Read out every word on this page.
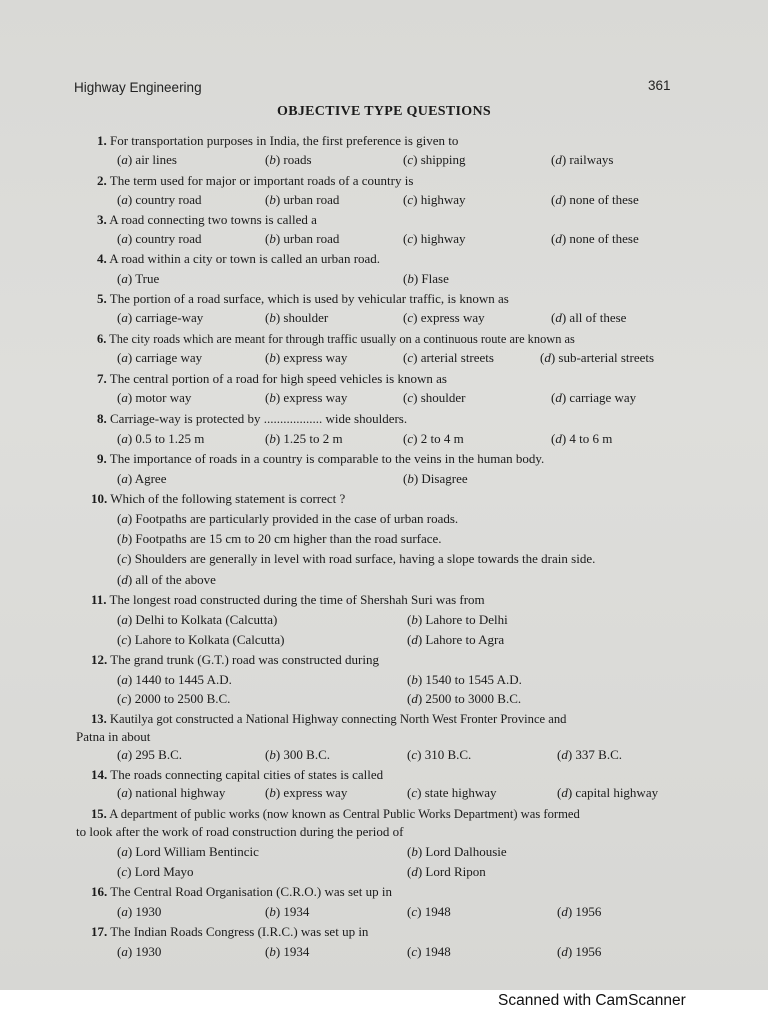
Highway Engineering	361
OBJECTIVE TYPE QUESTIONS
1. For transportation purposes in India, the first preference is given to
(a) air lines	(b) roads	(c) shipping	(d) railways
2. The term used for major or important roads of a country is
(a) country road	(b) urban road	(c) highway	(d) none of these
3. A road connecting two towns is called a
(a) country road	(b) urban road	(c) highway	(d) none of these
4. A road within a city or town is called an urban road.
(a) True	(b) Flase
5. The portion of a road surface, which is used by vehicular traffic, is known as
(a) carriage-way	(b) shoulder	(c) express way	(d) all of these
6. The city roads which are meant for through traffic usually on a continuous route are known as
(a) carriage way	(b) express way	(c) arterial streets	(d) sub-arterial streets
7. The central portion of a road for high speed vehicles is known as
(a) motor way	(b) express way	(c) shoulder	(d) carriage way
8. Carriage-way is protected by .................. wide shoulders.
(a) 0.5 to 1.25 m	(b) 1.25 to 2 m	(c) 2 to 4 m	(d) 4 to 6 m
9. The importance of roads in a country is comparable to the veins in the human body.
(a) Agree	(b) Disagree
10. Which of the following statement is correct ?
(a) Footpaths are particularly provided in the case of urban roads.
(b) Footpaths are 15 cm to 20 cm higher than the road surface.
(c) Shoulders are generally in level with road surface, having a slope towards the drain side.
(d) all of the above
11. The longest road constructed during the time of Shershah Suri was from
(a) Delhi to Kolkata (Calcutta)	(b) Lahore to Delhi
(c) Lahore to Kolkata (Calcutta)	(d) Lahore to Agra
12. The grand trunk (G.T.) road was constructed during
(a) 1440 to 1445 A.D.	(b) 1540 to 1545 A.D.
(c) 2000 to 2500 B.C.	(d) 2500 to 3000 B.C.
13. Kautilya got constructed a National Highway connecting North West Fronter Province and
Patna in about
(a) 295 B.C.	(b) 300 B.C.	(c) 310 B.C.	(d) 337 B.C.
14. The roads connecting capital cities of states is called
(a) national highway	(b) express way	(c) state highway	(d) capital highway
15. A department of public works (now known as Central Public Works Department) was formed
to look after the work of road construction during the period of
(a) Lord William Bentincic	(b) Lord Dalhousie
(c) Lord Mayo	(d) Lord Ripon
16. The Central Road Organisation (C.R.O.) was set up in
(a) 1930	(b) 1934	(c) 1948	(d) 1956
17. The Indian Roads Congress (I.R.C.) was set up in
(a) 1930	(b) 1934	(c) 1948	(d) 1956
Scanned with CamScanner
